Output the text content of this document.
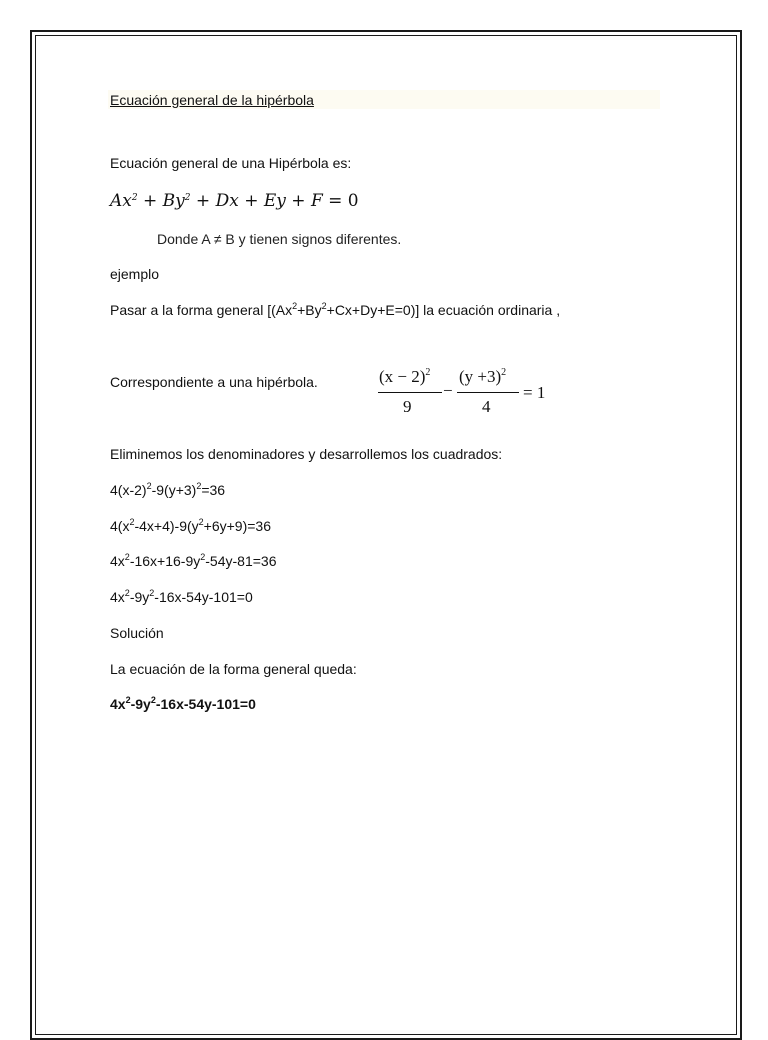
Ecuación general de la hipérbola
Ecuación general de una Hipérbola es:
$Ax^2 + By^2 + Dx + Ey + F = 0$
Donde A ≠ B y tienen signos diferentes.
ejemplo
Pasar a la forma general $[(Ax^2+By^2+Cx+Dy+E=0)]$ la ecuación ordinaria ,
Correspondiente a una hipérbola.	$(x - 2)^2$
9
−
$(y +3)^2$
4
= 1
Eliminemos los denominadores y desarrollemos los cuadrados:
$4(x-2)^2-9(y+3)^2=36$
$4(x^2-4x+4)-9(y^2+6y+9)=36$
$4x^2-16x+16-9y^2-54y-81=36$
$4x^2-9y^2-16x-54y-101=0$
Solución
La ecuación de la forma general queda:
$4x^2-9y^2-16x-54y-101=0$
